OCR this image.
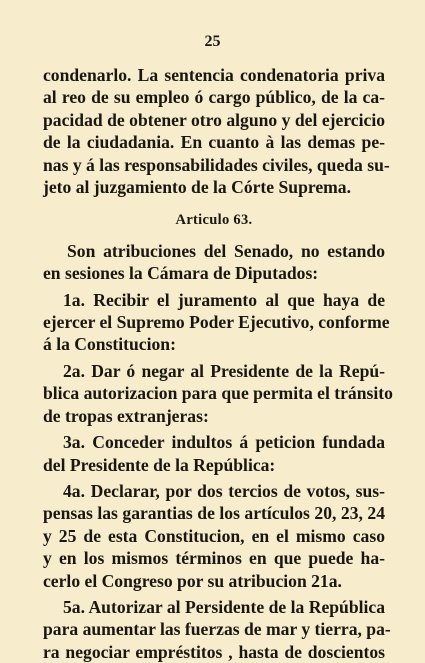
25
condenarlo. La sentencia condenatoria priva
al reo de su empleo ó cargo público, de la ca-
pacidad de obtener otro alguno y del ejercicio
de la ciudadania. En cuanto à las demas pe-
nas y á las responsabilidades civiles, queda su-
jeto al juzgamiento de la Córte Suprema.
Articulo 63.
Son atribuciones del Senado, no estando
en sesiones la Cámara de Diputados:
1a. Recibir el juramento al que haya de
ejercer el Supremo Poder Ejecutivo, conforme
á la Constitucion:
2a. Dar ó negar al Presidente de la Repú-
blica autorizacion para que permita el tránsito
de tropas extranjeras:
3a. Conceder indultos á peticion fundada
del Presidente de la República:
4a. Declarar, por dos tercios de votos, sus-
pensas las garantias de los artículos 20, 23, 24
y 25 de esta Constitucion, en el mismo caso
y en los mismos términos en que puede ha-
cerlo el Congreso por su atribucion 21a.
5a. Autorizar al Persidente de la República
para aumentar las fuerzas de mar y tierra, pa-
ra negociar empréstitos , hasta de doscientos
